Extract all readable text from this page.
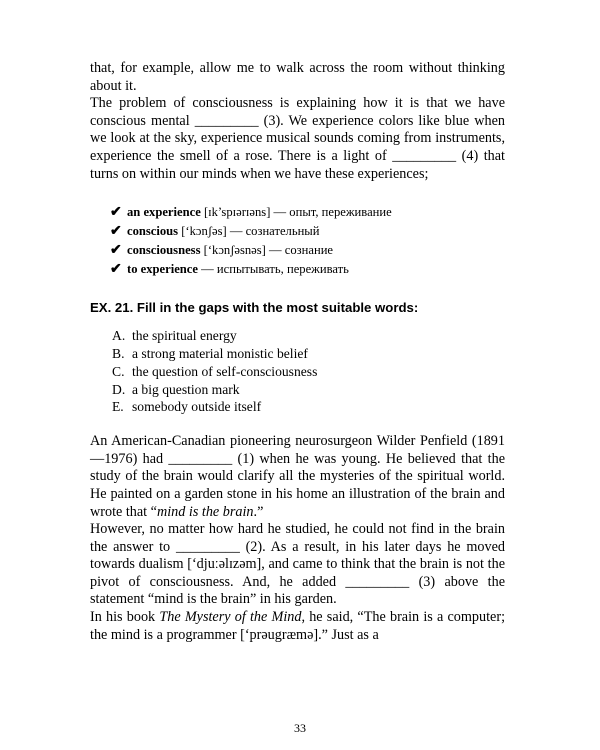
that, for example, allow me to walk across the room without thinking about it.

The problem of consciousness is explaining how it is that we have conscious mental _________ (3). We experience colors like blue when we look at the sky, experience musical sounds coming from instruments, experience the smell of a rose. There is a light of _________ (4) that turns on within our minds when we have these experiences;

✔ an experience [ɪk’spɪərɪəns] — опыт, переживание
✔ conscious [‘kɔnʃəs] — сознательный
✔ consciousness [‘kɔnʃəsnəs] — сознание
✔ to experience — испытывать, переживать

EX. 21. Fill in the gaps with the most suitable words:

A. the spiritual energy
B. a strong material monistic belief
C. the question of self-consciousness
D. a big question mark
E. somebody outside itself

An American-Canadian pioneering neurosurgeon Wilder Penfield (1891—1976) had _________ (1) when he was young. He believed that the study of the brain would clarify all the mysteries of the spiritual world. He painted on a garden stone in his home an illustration of the brain and wrote that “mind is the brain.”

However, no matter how hard he studied, he could not find in the brain the answer to _________ (2). As a result, in his later days he moved towards dualism [‘djuːəlɪzəm], and came to think that the brain is not the pivot of consciousness. And, he added _________ (3) above the statement “mind is the brain” in his garden.

In his book The Mystery of the Mind, he said, “The brain is a computer; the mind is a programmer [‘prəugræmə].” Just as a

33
